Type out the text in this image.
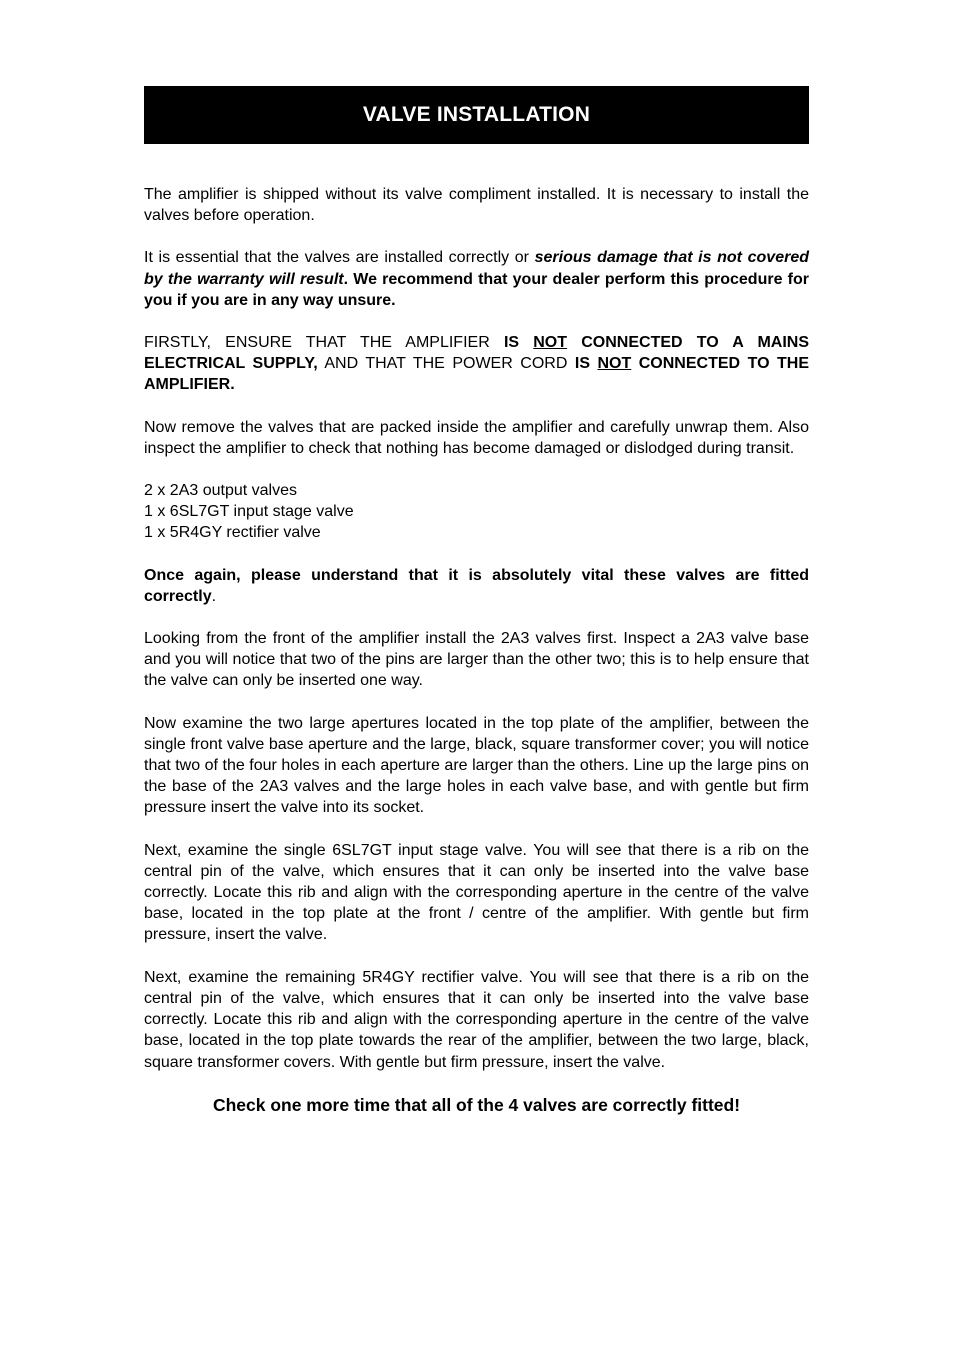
VALVE INSTALLATION

The amplifier is shipped without its valve compliment installed. It is necessary to install the valves before operation.

It is essential that the valves are installed correctly or serious damage that is not covered by the warranty will result. We recommend that your dealer perform this procedure for you if you are in any way unsure.

FIRSTLY, ENSURE THAT THE AMPLIFIER IS NOT CONNECTED TO A MAINS ELECTRICAL SUPPLY, AND THAT THE POWER CORD IS NOT CONNECTED TO THE AMPLIFIER.

Now remove the valves that are packed inside the amplifier and carefully unwrap them. Also inspect the amplifier to check that nothing has become damaged or dislodged during transit.

2 x 2A3 output valves
1 x 6SL7GT input stage valve
1 x 5R4GY rectifier valve

Once again, please understand that it is absolutely vital these valves are fitted correctly.

Looking from the front of the amplifier install the 2A3 valves first. Inspect a 2A3 valve base and you will notice that two of the pins are larger than the other two; this is to help ensure that the valve can only be inserted one way.

Now examine the two large apertures located in the top plate of the amplifier, between the single front valve base aperture and the large, black, square transformer cover; you will notice that two of the four holes in each aperture are larger than the others. Line up the large pins on the base of the 2A3 valves and the large holes in each valve base, and with gentle but firm pressure insert the valve into its socket.

Next, examine the single 6SL7GT input stage valve. You will see that there is a rib on the central pin of the valve, which ensures that it can only be inserted into the valve base correctly. Locate this rib and align with the corresponding aperture in the centre of the valve base, located in the top plate at the front / centre of the amplifier. With gentle but firm pressure, insert the valve.

Next, examine the remaining 5R4GY rectifier valve. You will see that there is a rib on the central pin of the valve, which ensures that it can only be inserted into the valve base correctly. Locate this rib and align with the corresponding aperture in the centre of the valve base, located in the top plate towards the rear of the amplifier, between the two large, black, square transformer covers. With gentle but firm pressure, insert the valve.

Check one more time that all of the 4 valves are correctly fitted!
